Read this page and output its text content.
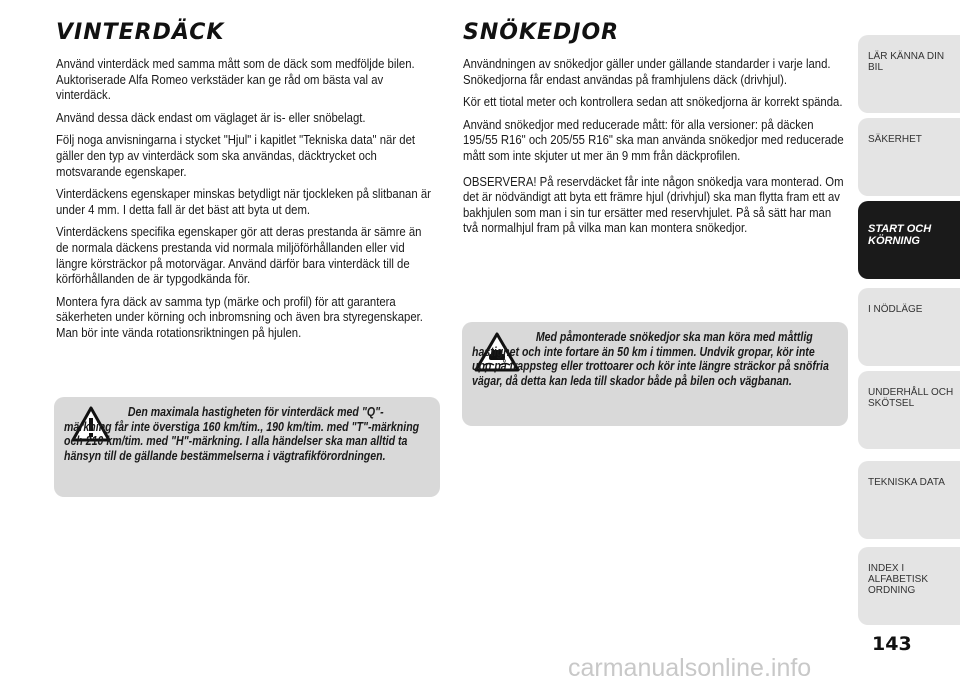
VINTERDÄCK

Använd vinterdäck med samma mått som de däck som medföljde bilen. Auktoriserade Alfa Romeo verkstäder kan ge råd om bästa val av vinterdäck.

Använd dessa däck endast om väglaget är is- eller snöbelagt.

Följ noga anvisningarna i stycket "Hjul" i kapitlet "Tekniska data" när det gäller den typ av vinterdäck som ska användas, däcktrycket och motsvarande egenskaper.

Vinterdäckens egenskaper minskas betydligt när tjockleken på slitbanan är under 4 mm. I detta fall är det bäst att byta ut dem.

Vinterdäckens specifika egenskaper gör att deras prestanda är sämre än de normala däckens prestanda vid normala miljöförhållanden eller vid längre körsträckor på motorvägar. Använd därför bara vinterdäck till de körförhållanden de är typgodkända för.

Montera fyra däck av samma typ (märke och profil) för att garantera säkerheten under körning och inbromsning och även bra styregenskaper. Man bör inte vända rotationsriktningen på hjulen.

Den maximala hastigheten för vinterdäck med "Q"-märkning får inte överstiga 160 km/tim., 190 km/tim. med "T"-märkning och 210 km/tim. med "H"-märkning. I alla händelser ska man alltid ta hänsyn till de gällande bestämmelserna i vägtrafikförordningen.

SNÖKEDJOR

Användningen av snökedjor gäller under gällande standarder i varje land. Snökedjorna får endast användas på framhjulens däck (drivhjul).

Kör ett tiotal meter och kontrollera sedan att snökedjorna är korrekt spända.

Använd snökedjor med reducerade mått: för alla versioner: på däcken 195/55 R16" och 205/55 R16" ska man använda snökedjor med reducerade mått som inte skjuter ut mer än 9 mm från däckprofilen.

OBSERVERA! På reservdäcket får inte någon snökedja vara monterad. Om det är nödvändigt att byta ett främre hjul (drivhjul) ska man flytta fram ett av bakhjulen som man i sin tur ersätter med reservhjulet. På så sätt har man två normalhjul fram på vilka man kan montera snökedjor.

Med påmonterade snökedjor ska man köra med måttlig hastighet och inte fortare än 50 km i timmen. Undvik gropar, kör inte upp på trappsteg eller trottoarer och kör inte längre sträckor på snöfria vägar, då detta kan leda till skador både på bilen och vägbanan.

LÄR KÄNNA DIN BIL
SÄKERHET
START OCH KÖRNING
I NÖDLÄGE
UNDERHÅLL OCH SKÖTSEL
TEKNISKA DATA
INDEX I ALFABETISK ORDNING
143
carmanualsonline.info
